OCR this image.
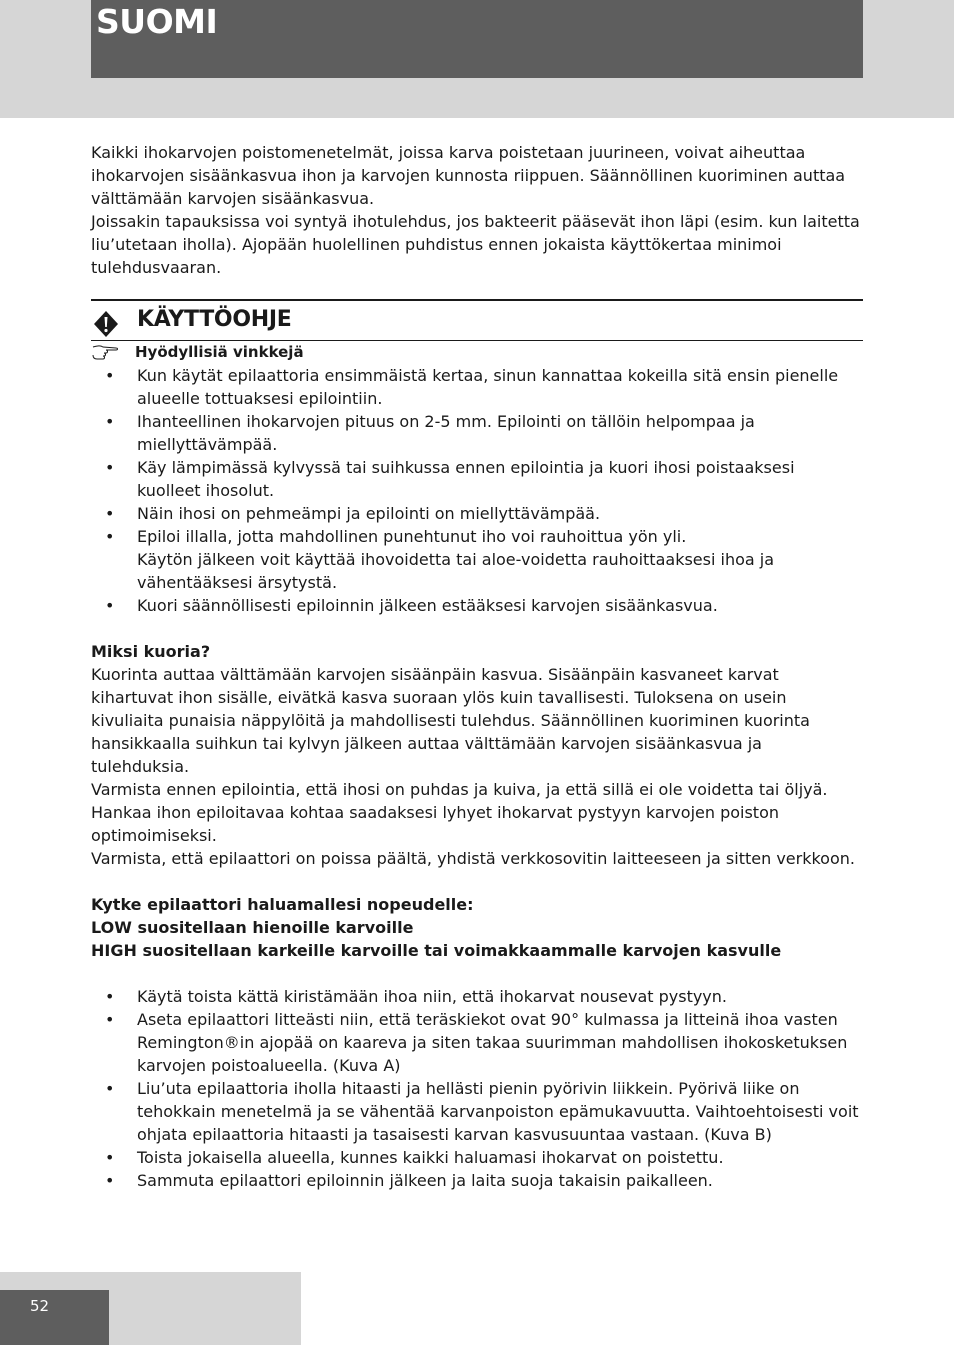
SUOMI

Kaikki ihokarvojen poistomenetelmät, joissa karva poistetaan juurineen, voivat aiheuttaa ihokarvojen sisäänkasvua ihon ja karvojen kunnosta riippuen. Säännöllinen kuoriminen auttaa välttämään karvojen sisäänkasvua.

Joissakin tapauksissa voi syntyä ihotulehdus, jos bakteerit pääsevät ihon läpi (esim. kun laitetta liu’utetaan iholla). Ajopään huolellinen puhdistus ennen jokaista käyttökertaa minimoi tulehdusvaaran.

KÄYTTÖOHJE
Hyödyllisiä vinkkejä
• Kun käytät epilaattoria ensimmäistä kertaa, sinun kannattaa kokeilla sitä ensin pienelle alueelle tottuaksesi epilointiin.
• Ihanteellinen ihokarvojen pituus on 2-5 mm. Epilointi on tällöin helpompaa ja miellyttävämpää.
• Käy lämpimässä kylvyssä tai suihkussa ennen epilointia ja kuori ihosi poistaaksesi kuolleet ihosolut.
• Näin ihosi on pehmeämpi ja epilointi on miellyttävämpää.
• Epiloi illalla, jotta mahdollinen punehtunut iho voi rauhoittua yön yli.
Käytön jälkeen voit käyttää ihovoidetta tai aloe-voidetta rauhoittaaksesi ihoa ja vähentääksesi ärsytystä.
• Kuori säännöllisesti epiloinnin jälkeen estääksesi karvojen sisäänkasvua.

Miksi kuoria?

Kuorinta auttaa välttämään karvojen sisäänpäin kasvua. Sisäänpäin kasvaneet karvat kihartuvat ihon sisälle, eivätkä kasva suoraan ylös kuin tavallisesti. Tuloksena on usein kivuliaita punaisia näppylöitä ja mahdollisesti tulehdus. Säännöllinen kuoriminen kuorinta hansikkaalla suihkun tai kylvyn jälkeen auttaa välttämään karvojen sisäänkasvua ja tulehduksia.

Varmista ennen epilointia, että ihosi on puhdas ja kuiva, ja että sillä ei ole voidetta tai öljyä.

Hankaa ihon epiloitavaa kohtaa saadaksesi lyhyet ihokarvat pystyyn karvojen poiston optimoimiseksi.

Varmista, että epilaattori on poissa päältä, yhdistä verkkosovitin laitteeseen ja sitten verkkoon.

Kytke epilaattori haluamallesi nopeudelle:

LOW suositellaan hienoille karvoille

HIGH suositellaan karkeille karvoille tai voimakkaammalle karvojen kasvulle

• Käytä toista kättä kiristämään ihoa niin, että ihokarvat nousevat pystyyn.
• Aseta epilaattori litteästi niin, että teräskiekot ovat 90° kulmassa ja litteinä ihoa vasten Remington®in ajopää on kaareva ja siten takaa suurimman mahdollisen ihokosketuksen karvojen poistoalueella. (Kuva A)
• Liu’uta epilaattoria iholla hitaasti ja hellästi pienin pyörivin liikkein. Pyörivä liike on tehokkain menetelmä ja se vähentää karvanpoiston epämukavuutta. Vaihtoehtoisesti voit ohjata epilaattoria hitaasti ja tasaisesti karvan kasvusuuntaa vastaan. (Kuva B)
• Toista jokaisella alueella, kunnes kaikki haluamasi ihokarvat on poistettu.
• Sammuta epilaattori epiloinnin jälkeen ja laita suoja takaisin paikalleen.
52
